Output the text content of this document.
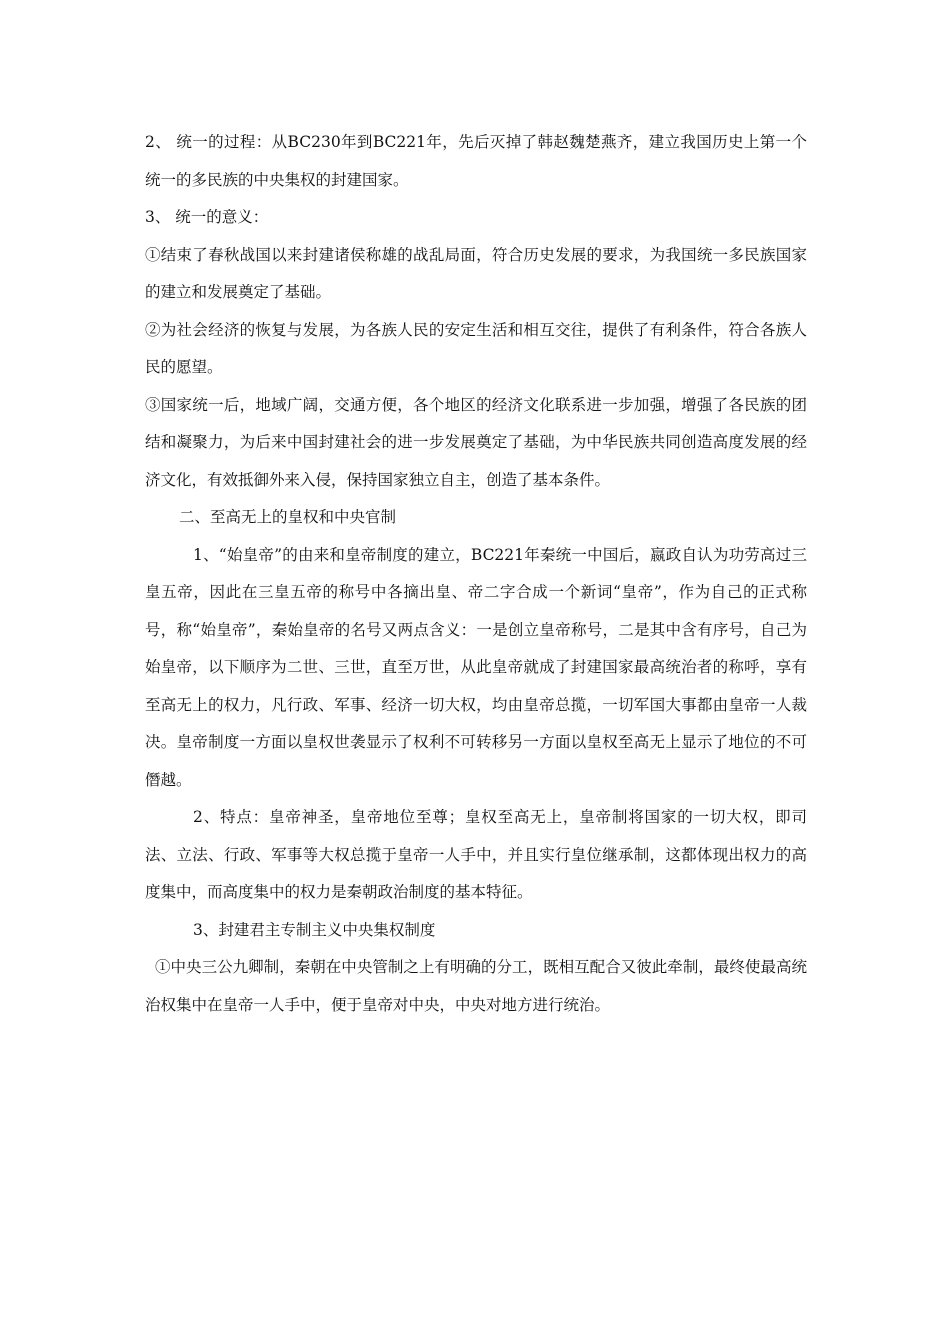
2、 统一的过程：从BC230年到BC221年，先后灭掉了韩赵魏楚燕齐，建立我国历史上第一个统一的多民族的中央集权的封建国家。

3、 统一的意义：

①结束了春秋战国以来封建诸侯称雄的战乱局面，符合历史发展的要求，为我国统一多民族国家的建立和发展奠定了基础。

②为社会经济的恢复与发展，为各族人民的安定生活和相互交往，提供了有利条件，符合各族人民的愿望。

③国家统一后，地域广阔，交通方便，各个地区的经济文化联系进一步加强，增强了各民族的团结和凝聚力，为后来中国封建社会的进一步发展奠定了基础，为中华民族共同创造高度发展的经济文化，有效抵御外来入侵，保持国家独立自主，创造了基本条件。

二、至高无上的皇权和中央官制

1、“始皇帝”的由来和皇帝制度的建立，BC221年秦统一中国后，嬴政自认为功劳高过三皇五帝，因此在三皇五帝的称号中各摘出皇、帝二字合成一个新词“皇帝”，作为自己的正式称号，称“始皇帝”，秦始皇帝的名号又两点含义：一是创立皇帝称号，二是其中含有序号，自己为始皇帝，以下顺序为二世、三世，直至万世，从此皇帝就成了封建国家最高统治者的称呼，享有至高无上的权力，凡行政、军事、经济一切大权，均由皇帝总揽，一切军国大事都由皇帝一人裁决。皇帝制度一方面以皇权世袭显示了权利不可转移另一方面以皇权至高无上显示了地位的不可僭越。

2、特点：皇帝神圣，皇帝地位至尊；皇权至高无上，皇帝制将国家的一切大权，即司法、立法、行政、军事等大权总揽于皇帝一人手中，并且实行皇位继承制，这都体现出权力的高度集中，而高度集中的权力是秦朝政治制度的基本特征。

3、封建君主专制主义中央集权制度

①中央三公九卿制，秦朝在中央管制之上有明确的分工，既相互配合又彼此牵制，最终使最高统治权集中在皇帝一人手中，便于皇帝对中央，中央对地方进行统治。
